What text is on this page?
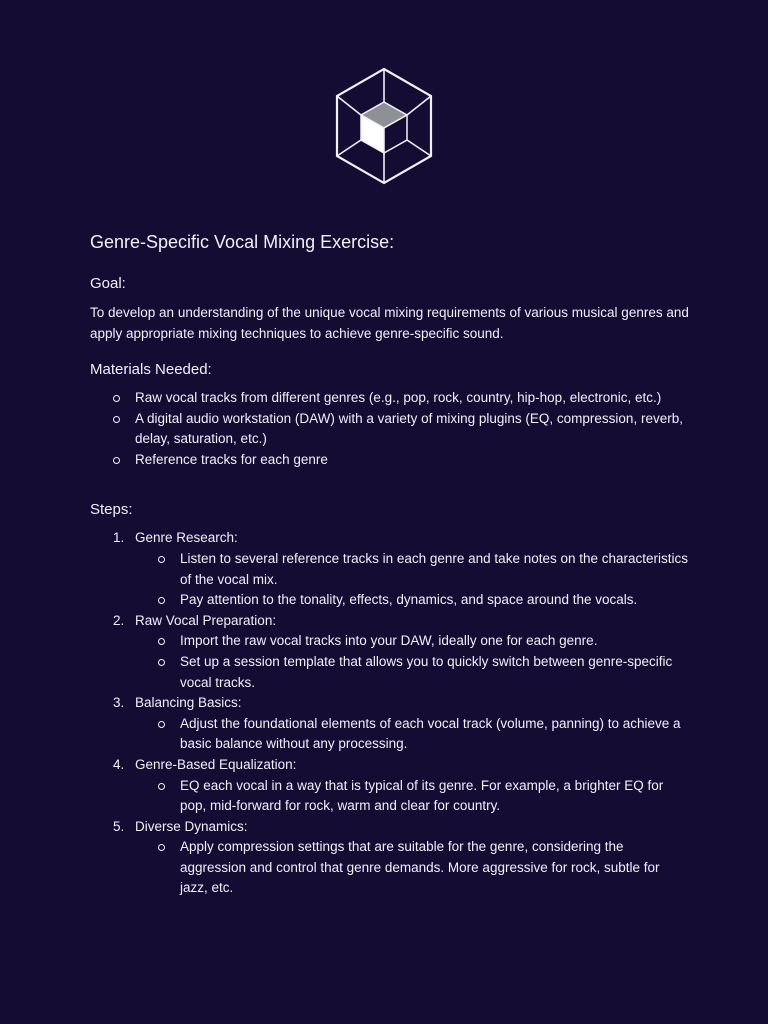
Genre-Specific Vocal Mixing Exercise:
Goal:

To develop an understanding of the unique vocal mixing requirements of various musical genres and apply appropriate mixing techniques to achieve genre-specific sound.

Materials Needed:
Raw vocal tracks from different genres (e.g., pop, rock, country, hip-hop, electronic, etc.)
A digital audio workstation (DAW) with a variety of mixing plugins (EQ, compression, reverb, delay, saturation, etc.)
Reference tracks for each genre
Steps:
1. Genre Research:
Listen to several reference tracks in each genre and take notes on the characteristics of the vocal mix.
Pay attention to the tonality, effects, dynamics, and space around the vocals.
2. Raw Vocal Preparation:
Import the raw vocal tracks into your DAW, ideally one for each genre.
Set up a session template that allows you to quickly switch between genre-specific vocal tracks.
3. Balancing Basics:
Adjust the foundational elements of each vocal track (volume, panning) to achieve a basic balance without any processing.
4. Genre-Based Equalization:
EQ each vocal in a way that is typical of its genre. For example, a brighter EQ for pop, mid-forward for rock, warm and clear for country.
5. Diverse Dynamics:
Apply compression settings that are suitable for the genre, considering the aggression and control that genre demands. More aggressive for rock, subtle for jazz, etc.
